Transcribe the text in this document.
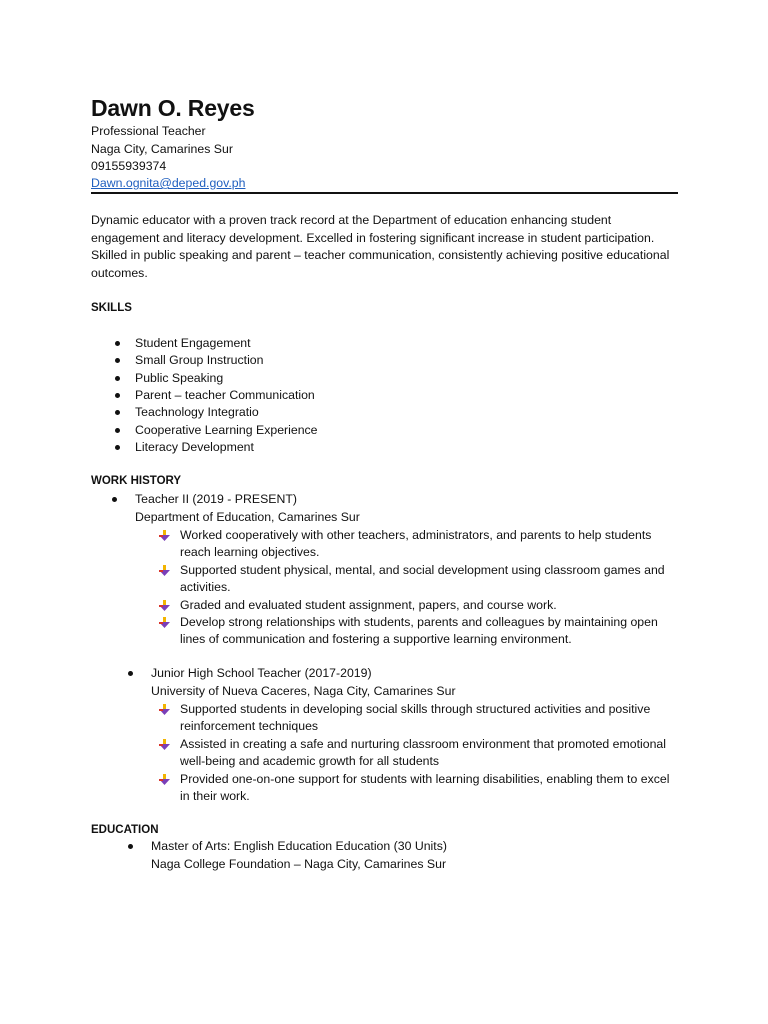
Dawn O. Reyes
Professional Teacher
Naga City, Camarines Sur
09155939374
Dawn.ognita@deped.gov.ph
Dynamic educator with a proven track record at the Department of education enhancing student engagement and literacy development. Excelled in fostering significant increase in student participation. Skilled in public speaking and parent – teacher communication, consistently achieving positive educational outcomes.
SKILLS
Student Engagement
Small Group Instruction
Public Speaking
Parent – teacher Communication
Teachnology Integratio
Cooperative Learning Experience
Literacy Development
WORK HISTORY
Teacher II (2019 - PRESENT)
Department of Education, Camarines Sur
Worked cooperatively with other teachers, administrators, and parents to help students reach learning objectives.
Supported student physical, mental, and social development using classroom games and activities.
Graded and evaluated student assignment, papers, and course work.
Develop strong relationships with students, parents and colleagues by maintaining open lines of communication and fostering a supportive learning environment.
Junior High School Teacher (2017-2019)
University of Nueva Caceres, Naga City, Camarines Sur
Supported students in developing social skills through structured activities and positive reinforcement techniques
Assisted in creating a safe and nurturing classroom environment that promoted emotional well-being and academic growth for all students
Provided one-on-one support for students with learning disabilities, enabling them to excel in their work.
EDUCATION
Master of Arts: English Education Education (30 Units)
Naga College Foundation – Naga City, Camarines Sur
